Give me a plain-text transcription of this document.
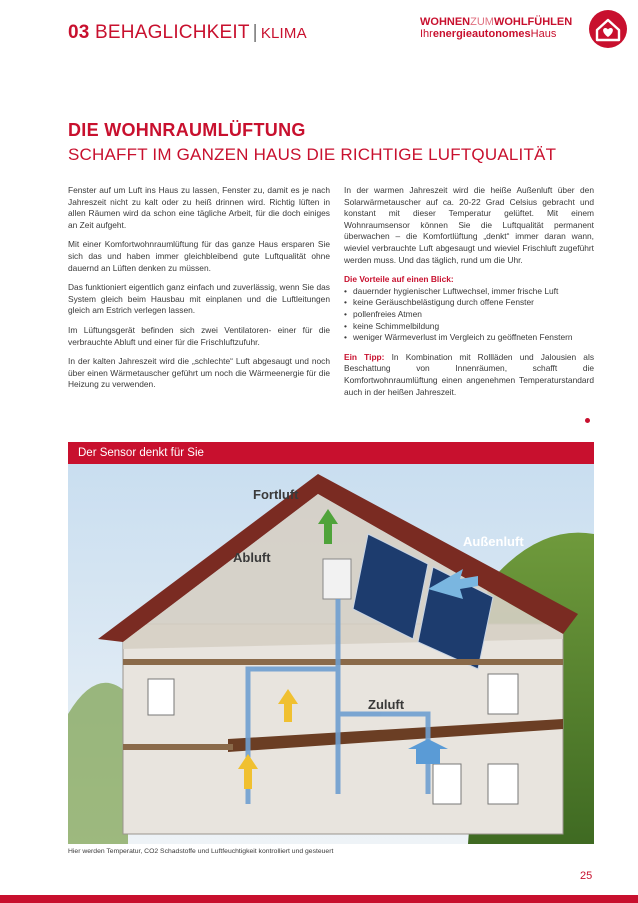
03 BEHAGLICHKEIT | KLIMA
WOHNENZUMWOHLFÜHLEN
IhrenergieautonomesHaus
DIE WOHNRAUMLÜFTUNG
SCHAFFT IM GANZEN HAUS DIE RICHTIGE LUFTQUALITÄT

Fenster auf um Luft ins Haus zu lassen, Fenster zu, damit es je nach Jahreszeit nicht zu kalt oder zu heiß drinnen wird. Richtig lüften in allen Räumen wird da schon eine tägliche Arbeit, für die doch einiges an Zeit aufgeht.

Mit einer Komfortwohnraumlüftung für das ganze Haus ersparen Sie sich das und haben immer gleichbleibend gute Luftqualität ohne dauernd an Lüften denken zu müssen.

Das funktioniert eigentlich ganz einfach und zuverlässig, wenn Sie das System gleich beim Hausbau mit einplanen und die Luftleitungen gleich am Estrich verlegen lassen.

Im Lüftungsgerät befinden sich zwei Ventilatoren- einer für die verbrauchte Abluft und einer für die Frischluftzufuhr.

In der kalten Jahreszeit wird die „schlechte“ Luft abgesaugt und noch über einen Wärmetauscher geführt um noch die Wärmeenergie für die Heizung zu verwenden.

In der warmen Jahreszeit wird die heiße Außenluft über den Solarwärmetauscher auf ca. 20-22 Grad Celsius gebracht und konstant mit dieser Temperatur gelüftet. Mit einem Wohnraumsensor können Sie die Luftqualität permanent überwachen – die Komfortlüftung „denkt“ immer daran wann, wieviel verbrauchte Luft abgesaugt und wieviel Frischluft zugeführt werden muss. Und das täglich, rund um die Uhr.

Die Vorteile auf einen Blick:
• dauernder hygienischer Luftwechsel, immer frische Luft
• keine Geräuschbelästigung durch offene Fenster
• pollenfreies Atmen
• keine Schimmelbildung
• weniger Wärmeverlust im Vergleich zu geöffneten Fenstern

Ein Tipp: In Kombination mit Rollläden und Jalousien als Beschattung von Innenräumen, schafft die Komfortwohnraumlüftung einen angenehmen Temperaturstandard auch in der heißen Jahreszeit.

Der Sensor denkt für Sie
Fortluft
Abluft
Außenluft
Zuluft
Hier werden Temperatur, CO2 Schadstoffe und Luftfeuchtigkeit kontrolliert und gesteuert
25
